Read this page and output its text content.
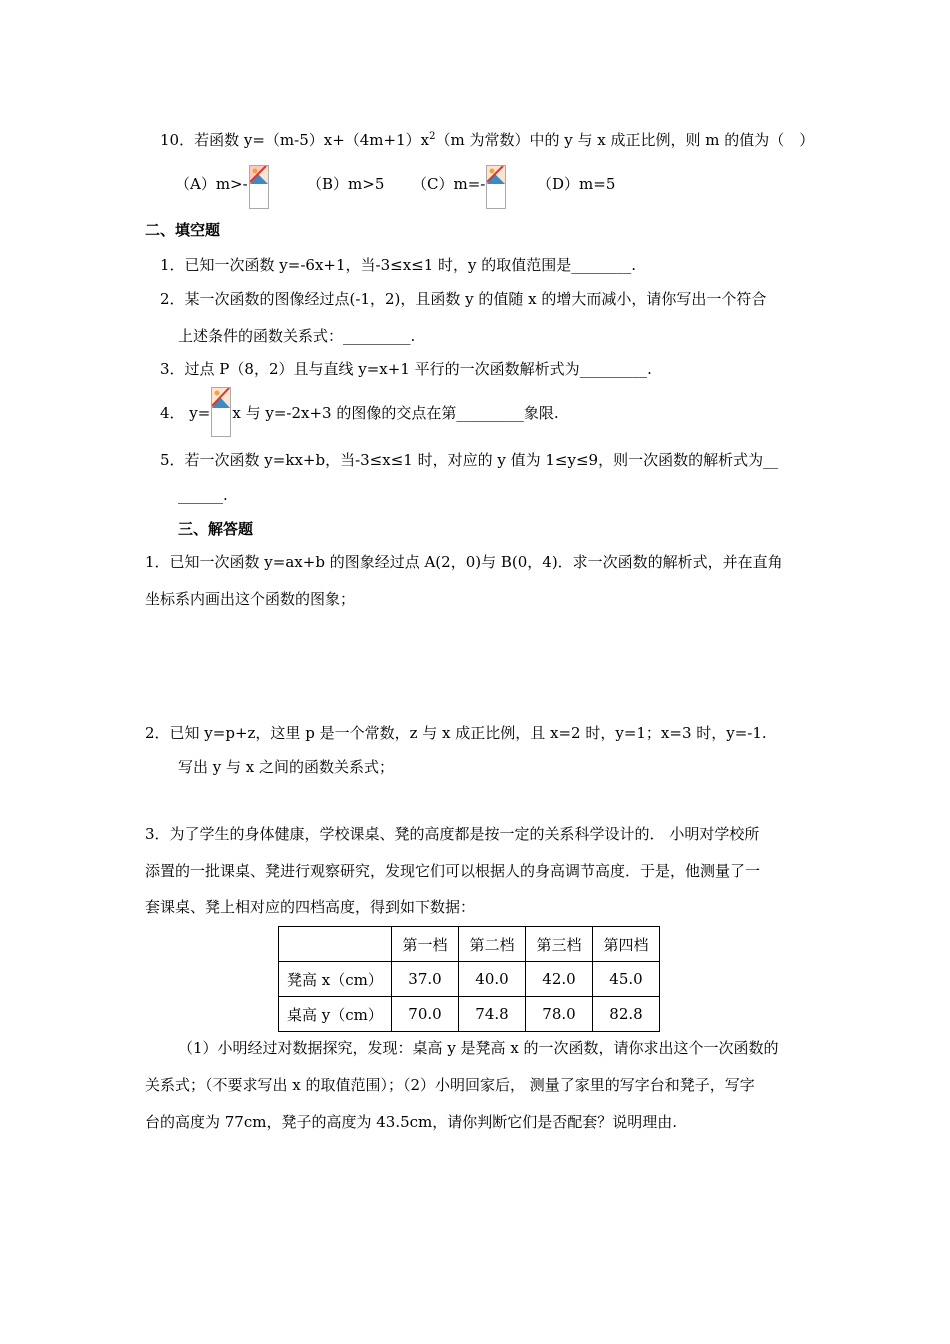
10．若函数 $y=(m-5)x+(4m+1)x^2(m$ 为常数）中的 y 与 x 成正比例，则 m 的值为（　）
（A）m>-	（B）m>5 （C）m=-	（D）m=5
二、填空题
1．已知一次函数 y=-6x+1，当-3≤x≤1 时，y 的取值范围是________.
2．某一次函数的图像经过点(-1，2)，且函数 y 的值随 x 的增大而减小，请你写出一个符合
上述条件的函数关系式：_________.
3．过点 P（8，2）且与直线 y=x+1 平行的一次函数解析式为_________.
4． y= x 与 y=-2x+3 的图像的交点在第_________象限.
5．若一次函数 y=kx+b，当-3≤x≤1 时，对应的 y 值为 1≤y≤9，则一次函数的解析式为__
______.
三、解答题
1．已知一次函数 y=ax+b 的图象经过点 A(2，0)与 B(0，4)．求一次函数的解析式，并在直角
坐标系内画出这个函数的图象；
2．已知 y=p+z，这里 p 是一个常数，z 与 x 成正比例，且 x=2 时，y=1；x=3 时，y=-1.
写出 y 与 x 之间的函数关系式；
3．为了学生的身体健康，学校课桌、凳的高度都是按一定的关系科学设计的． 小明对学校所
添置的一批课桌、凳进行观察研究，发现它们可以根据人的身高调节高度．于是，他测量了一
套课桌、凳上相对应的四档高度，得到如下数据：
	第一档	第二档	第三档	第四档
凳高 x（cm）	37.0	40.0	42.0	45.0
桌高 y（cm）	70.0	74.8	78.0	82.8
（1）小明经过对数据探究，发现：桌高 y 是凳高 x 的一次函数，请你求出这个一次函数的
关系式；（不要求写出 x 的取值范围）；（2）小明回家后， 测量了家里的写字台和凳子，写字
台的高度为 77cm，凳子的高度为 43.5cm，请你判断它们是否配套？说明理由.
